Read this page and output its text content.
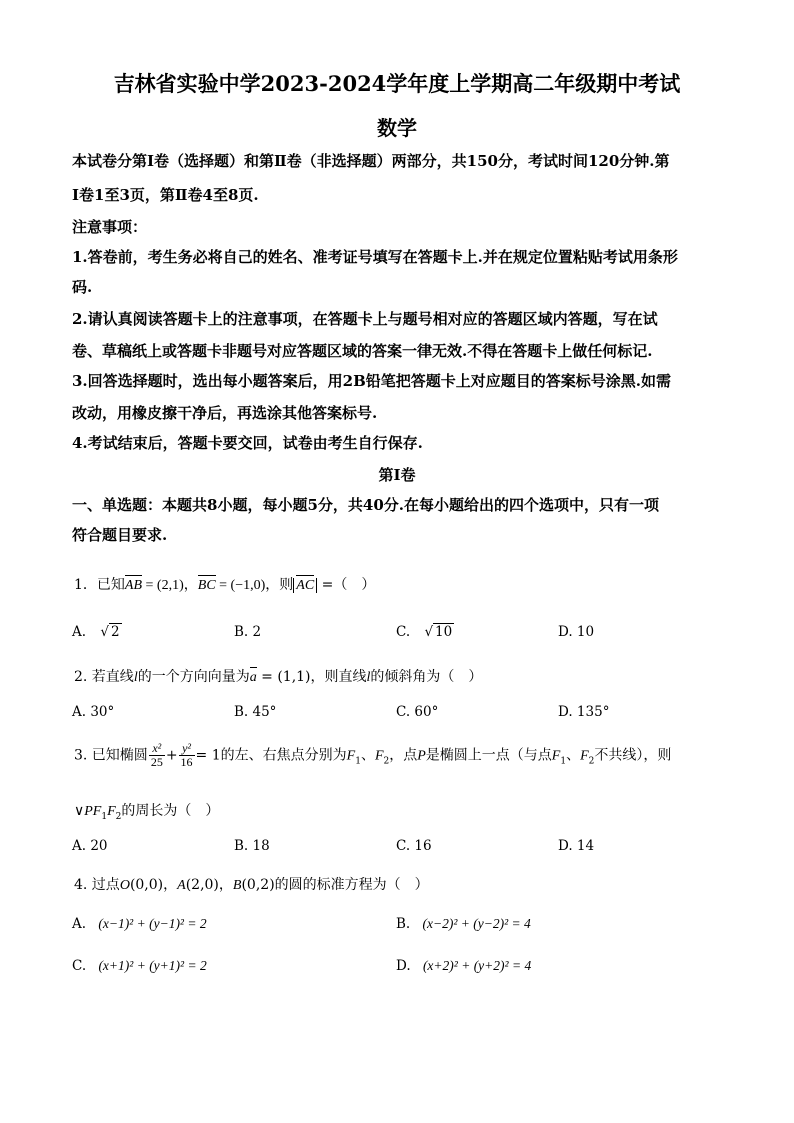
吉林省实验中学2023-2024学年度上学期高二年级期中考试
数学
本试卷分第Ⅰ卷（选择题）和第Ⅱ卷（非选择题）两部分，共150分，考试时间120分钟.第
Ⅰ卷1至3页，第Ⅱ卷4至8页.
注意事项：
1.答卷前，考生务必将自己的姓名、准考证号填写在答题卡上.并在规定位置粘贴考试用条形
码.
2.请认真阅读答题卡上的注意事项，在答题卡上与题号相对应的答题区域内答题，写在试
卷、草稿纸上或答题卡非题号对应答题区域的答案一律无效.不得在答题卡上做任何标记.
3.回答选择题时，选出每小题答案后，用2B铅笔把答题卡上对应题目的答案标号涂黑.如需
改动，用橡皮擦干净后，再选涂其他答案标号.
4.考试结束后，答题卡要交回，试卷由考生自行保存.
第Ⅰ卷
一、单选题：本题共8小题，每小题5分，共40分.在每小题给出的四个选项中，只有一项
符合题目要求.
1．已知AB = (2,1)，BC = (−1,0)，则 AC =（　）
A. √ 2	B. 2	C. √ 10	D. 10
2. 若直线l的一个方向向量为a = (1,1)，则直线l的倾斜角为（　）
A. 30°	B. 45°	C. 60°	D. 135°
3. 已知椭圆 $\frac{\text{x²}}{25} + \frac{\text{y²}}{16} = 1$的左、右焦点分别为$F_1$、$F_2$，点P是椭圆上一点（与点$F_1$、$F_2$不共线），则
$\vee PF_1F_2$的周长为（　）
A. 20	B. 18	C. 16	D. 14
4. 过点O(0,0)，A(2,0)，B(0,2)的圆的标准方程为（　）
A. (x−1)² + (y−1)² = 2	B. (x−2)² + (y−2)² = 4
C. (x+1)² + (y+1)² = 2	D. (x+2)² + (y+2)² = 4
